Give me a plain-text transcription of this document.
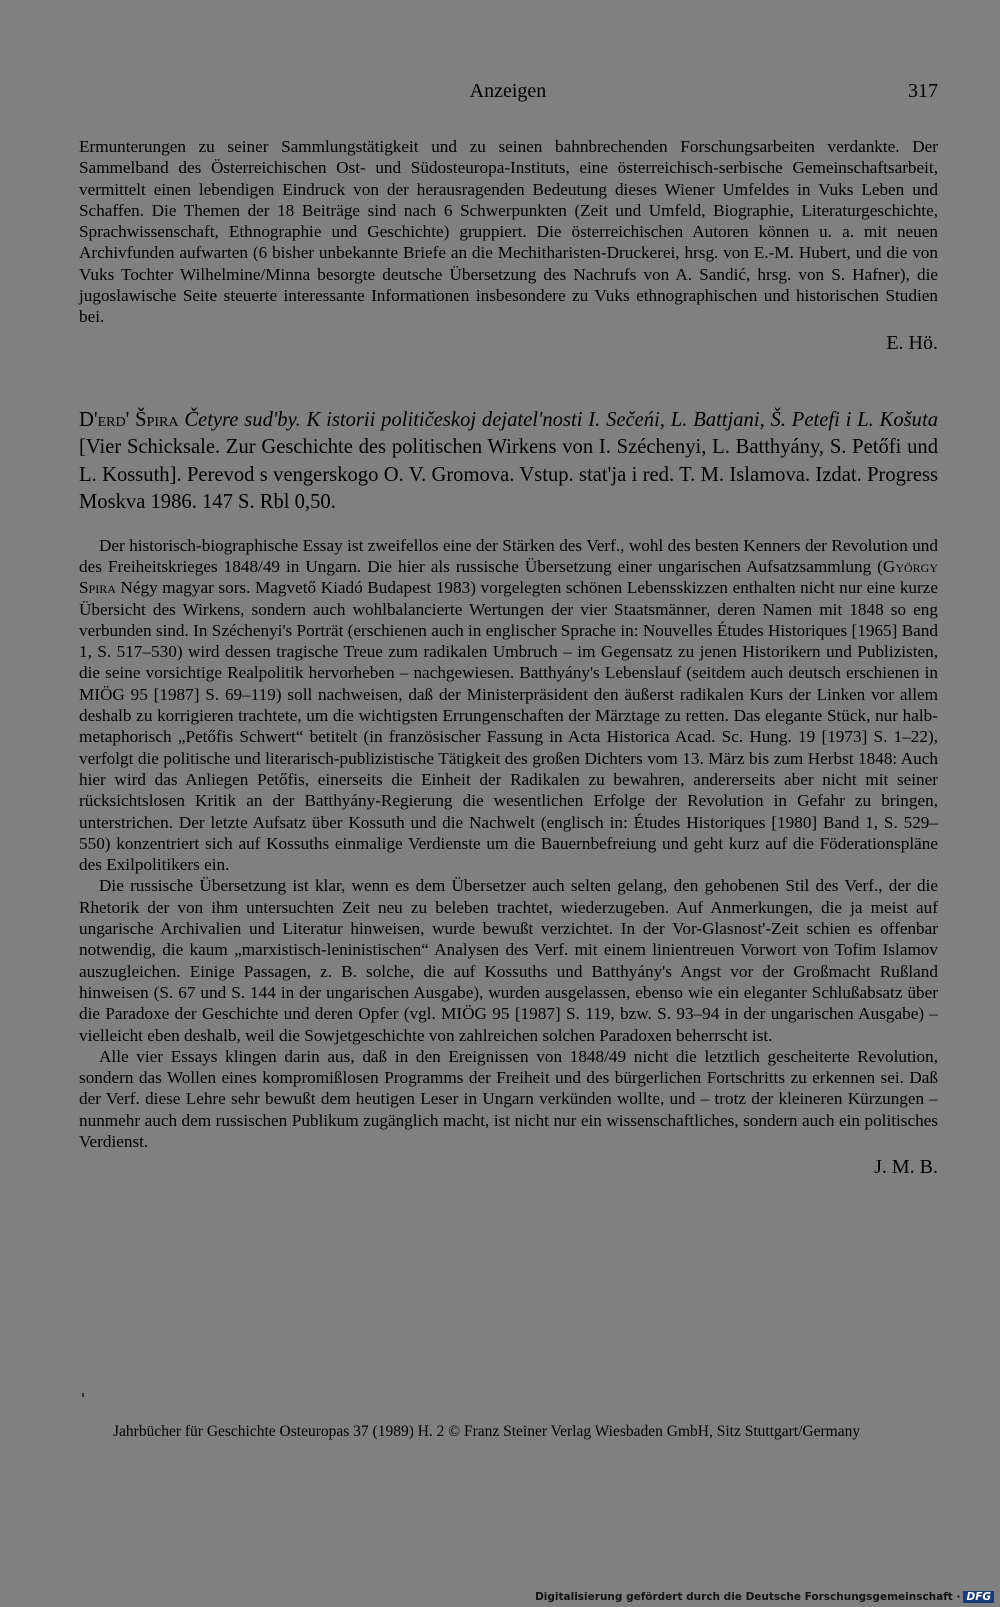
Anzeigen	317

Ermunterungen zu seiner Sammlungstätigkeit und zu seinen bahnbrechenden Forschungsarbeiten verdankte. Der Sammelband des Österreichischen Ost- und Südosteuropa-Instituts, eine österreichisch-serbische Gemeinschaftsarbeit, vermittelt einen lebendigen Eindruck von der herausragenden Bedeutung dieses Wiener Umfeldes in Vuks Leben und Schaffen. Die Themen der 18 Beiträge sind nach 6 Schwerpunkten (Zeit und Umfeld, Biographie, Literaturgeschichte, Sprachwissenschaft, Ethnographie und Geschichte) gruppiert. Die österreichischen Autoren können u. a. mit neuen Archivfunden aufwarten (6 bisher unbekannte Briefe an die Mechitharisten-Druckerei, hrsg. von E.-M. Hubert, und die von Vuks Tochter Wilhelmine/Minna besorgte deutsche Übersetzung des Nachrufs von A. Sandić, hrsg. von S. Hafner), die jugoslawische Seite steuerte interessante Informationen insbesondere zu Vuks ethnographischen und historischen Studien bei.

E. Hö.
D'erd' Špira Četyre sud'by. K istorii političeskoj dejatel'nosti I. Sečeńi, L. Battjani, Š. Petefi i L. Košuta [Vier Schicksale. Zur Geschichte des politischen Wirkens von I. Széchenyi, L. Batthyány, S. Petőfi und L. Kossuth]. Perevod s vengerskogo O. V. Gromova. Vstup. stat'ja i red. T. M. Islamova. Izdat. Progress Moskva 1986. 147 S. Rbl 0,50.

Der historisch-biographische Essay ist zweifellos eine der Stärken des Verf., wohl des besten Kenners der Revolution und des Freiheitskrieges 1848/49 in Ungarn. Die hier als russische Übersetzung einer ungarischen Aufsatzsammlung (György Spira Négy magyar sors. Magvető Kiadó Budapest 1983) vorgelegten schönen Lebensskizzen enthalten nicht nur eine kurze Übersicht des Wirkens, sondern auch wohlbalancierte Wertungen der vier Staatsmänner, deren Namen mit 1848 so eng verbunden sind. In Széchenyi's Porträt (erschienen auch in englischer Sprache in: Nouvelles Études Historiques [1965] Band 1, S. 517–530) wird dessen tragische Treue zum radikalen Umbruch – im Gegensatz zu jenen Historikern und Publizisten, die seine vorsichtige Realpolitik hervorheben – nachgewiesen. Batthyány's Lebenslauf (seitdem auch deutsch erschienen in MIÖG 95 [1987] S. 69–119) soll nachweisen, daß der Ministerpräsident den äußerst radikalen Kurs der Linken vor allem deshalb zu korrigieren trachtete, um die wichtigsten Errungenschaften der Märztage zu retten. Das elegante Stück, nur halb-metaphorisch „Petőfis Schwert“ betitelt (in französischer Fassung in Acta Historica Acad. Sc. Hung. 19 [1973] S. 1–22), verfolgt die politische und literarisch-publizistische Tätigkeit des großen Dichters vom 13. März bis zum Herbst 1848: Auch hier wird das Anliegen Petőfis, einerseits die Einheit der Radikalen zu bewahren, andererseits aber nicht mit seiner rücksichtslosen Kritik an der Batthyány-Regierung die wesentlichen Erfolge der Revolution in Gefahr zu bringen, unterstrichen. Der letzte Aufsatz über Kossuth und die Nachwelt (englisch in: Études Historiques [1980] Band 1, S. 529–550) konzentriert sich auf Kossuths einmalige Verdienste um die Bauernbefreiung und geht kurz auf die Föderationspläne des Exilpolitikers ein.

Die russische Übersetzung ist klar, wenn es dem Übersetzer auch selten gelang, den gehobenen Stil des Verf., der die Rhetorik der von ihm untersuchten Zeit neu zu beleben trachtet, wiederzugeben. Auf Anmerkungen, die ja meist auf ungarische Archivalien und Literatur hinweisen, wurde bewußt verzichtet. In der Vor-Glasnost'-Zeit schien es offenbar notwendig, die kaum „marxistisch-leninistischen“ Analysen des Verf. mit einem linientreuen Vorwort von Tofim Islamov auszugleichen. Einige Passagen, z. B. solche, die auf Kossuths und Batthyány's Angst vor der Großmacht Rußland hinweisen (S. 67 und S. 144 in der ungarischen Ausgabe), wurden ausgelassen, ebenso wie ein eleganter Schlußabsatz über die Paradoxe der Geschichte und deren Opfer (vgl. MIÖG 95 [1987] S. 119, bzw. S. 93–94 in der ungarischen Ausgabe) – vielleicht eben deshalb, weil die Sowjetgeschichte von zahlreichen solchen Paradoxen beherrscht ist.

Alle vier Essays klingen darin aus, daß in den Ereignissen von 1848/49 nicht die letztlich gescheiterte Revolution, sondern das Wollen eines kompromißlosen Programms der Freiheit und des bürgerlichen Fortschritts zu erkennen sei. Daß der Verf. diese Lehre sehr bewußt dem heutigen Leser in Ungarn verkünden wollte, und – trotz der kleineren Kürzungen – nunmehr auch dem russischen Publikum zugänglich macht, ist nicht nur ein wissenschaftliches, sondern auch ein politisches Verdienst.

J. M. B.
Jahrbücher für Geschichte Osteuropas 37 (1989) H. 2 © Franz Steiner Verlag Wiesbaden GmbH, Sitz Stuttgart/Germany
Digitalisierung gefördert durch die Deutsche Forschungsgemeinschaft · DFG
